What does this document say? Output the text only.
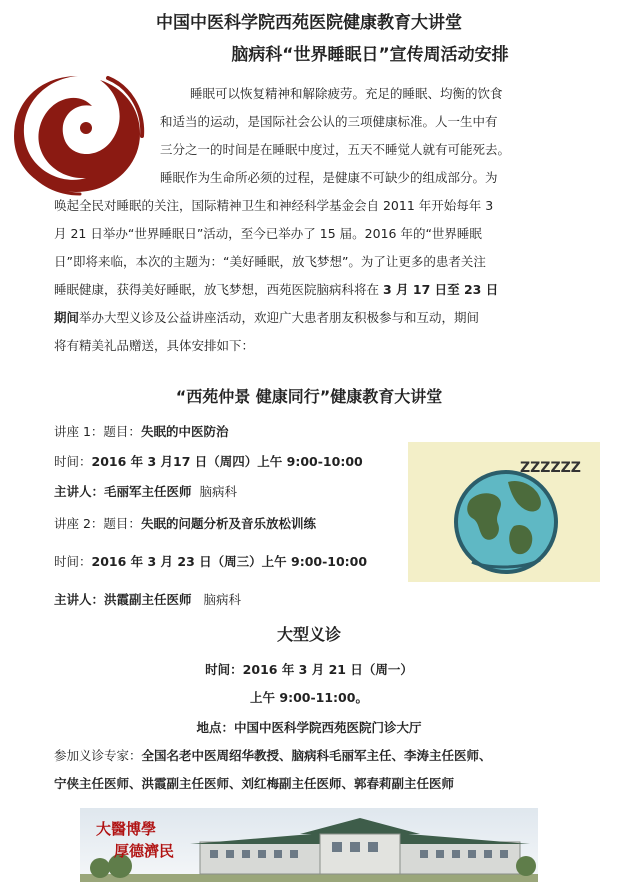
中国中医科学院西苑医院健康教育大讲堂
脑病科“世界睡眠日”宣传周活动安排
睡眠可以恢复精神和解除疲劳。充足的睡眠、均衡的饮食
和适当的运动，是国际社会公认的三项健康标准。人一生中有
三分之一的时间是在睡眠中度过，五天不睡觉人就有可能死去。
睡眠作为生命所必须的过程，是健康不可缺少的组成部分。为
唤起全民对睡眠的关注，国际精神卫生和神经科学基金会自 2011 年开始每年 3
月 21 日举办“世界睡眠日”活动，至今已举办了 15 届。2016 年的“世界睡眠
日”即将来临，本次的主题为：“美好睡眠，放飞梦想”。为了让更多的患者关注
睡眠健康，获得美好睡眠，放飞梦想，西苑医院脑病科将在 3 月 17 日至 23 日
期间举办大型义诊及公益讲座活动，欢迎广大患者朋友积极参与和互动，期间
将有精美礼品赠送，具体安排如下：
“西苑仲景 健康同行”健康教育大讲堂
讲座 1：题目：失眠的中医防治
时间：2016 年 3 月17 日（周四）上午 9:00-10:00
主讲人：毛丽军主任医师 脑病科
讲座 2：题目：失眠的问题分析及音乐放松训练
时间：2016 年 3 月 23 日（周三）上午 9:00-10:00
主讲人：洪霞副主任医师 脑病科
ZZZZZZ
大型义诊
时间：2016 年 3 月 21 日（周一）
上午 9:00-11:00。
地点：中国中医科学院西苑医院门诊大厅
参加义诊专家：全国名老中医周绍华教授、脑病科毛丽军主任、李涛主任医师、
宁侠主任医师、洪霞副主任医师、刘红梅副主任医师、郭春莉副主任医师
大醫博學
厚德濟民
